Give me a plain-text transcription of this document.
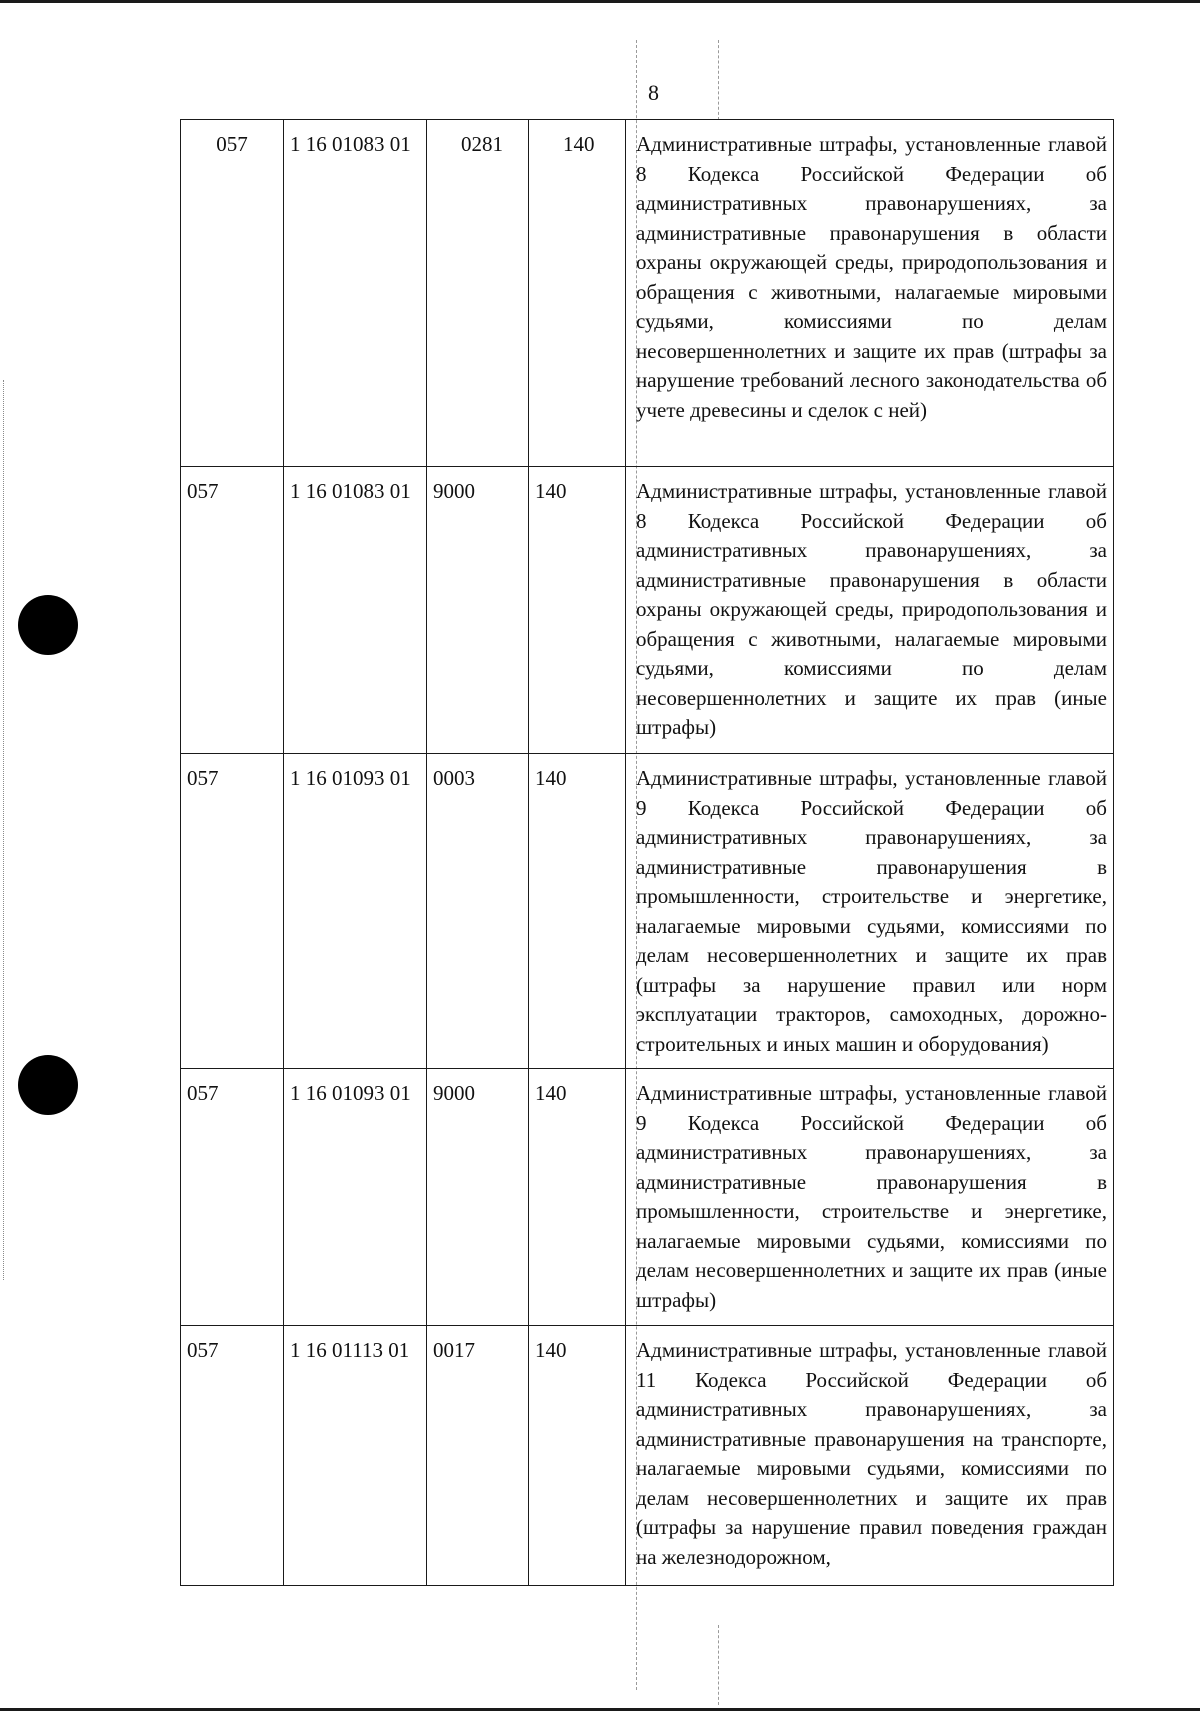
8
057	1 16 01083 01	0281	140	Административные штрафы, установленные главой 8 Кодекса Российской Федерации об административных правонарушениях, за административные правонарушения в области охраны окружающей среды, природопользования и обращения с животными, налагаемые мировыми судьями, комиссиями по делам несовершеннолетних и защите их прав (штрафы за нарушение требований лесного законодательства об учете древесины и сделок с ней)
057	1 16 01083 01	9000	140	Административные штрафы, установленные главой 8 Кодекса Российской Федерации об административных правонарушениях, за административные правонарушения в области охраны окружающей среды, природопользования и обращения с животными, налагаемые мировыми судьями, комиссиями по делам несовершеннолетних и защите их прав (иные штрафы)
057	1 16 01093 01	0003	140	Административные штрафы, установленные главой 9 Кодекса Российской Федерации об административных правонарушениях, за административные правонарушения в промышленности, строительстве и энергетике, налагаемые мировыми судьями, комиссиями по делам несовершеннолетних и защите их прав (штрафы за нарушение правил или норм эксплуатации тракторов, самоходных, дорожно-строительных и иных машин и оборудования)
057	1 16 01093 01	9000	140	Административные штрафы, установленные главой 9 Кодекса Российской Федерации об административных правонарушениях, за административные правонарушения в промышленности, строительстве и энергетике, налагаемые мировыми судьями, комиссиями по делам несовершеннолетних и защите их прав (иные штрафы)
057	1 16 01113 01	0017	140	Административные штрафы, установленные главой 11 Кодекса Российской Федерации об административных правонарушениях, за административные правонарушения на транспорте, налагаемые мировыми судьями, комиссиями по делам несовершеннолетних и защите их прав (штрафы за нарушение правил поведения граждан на железнодорожном,
